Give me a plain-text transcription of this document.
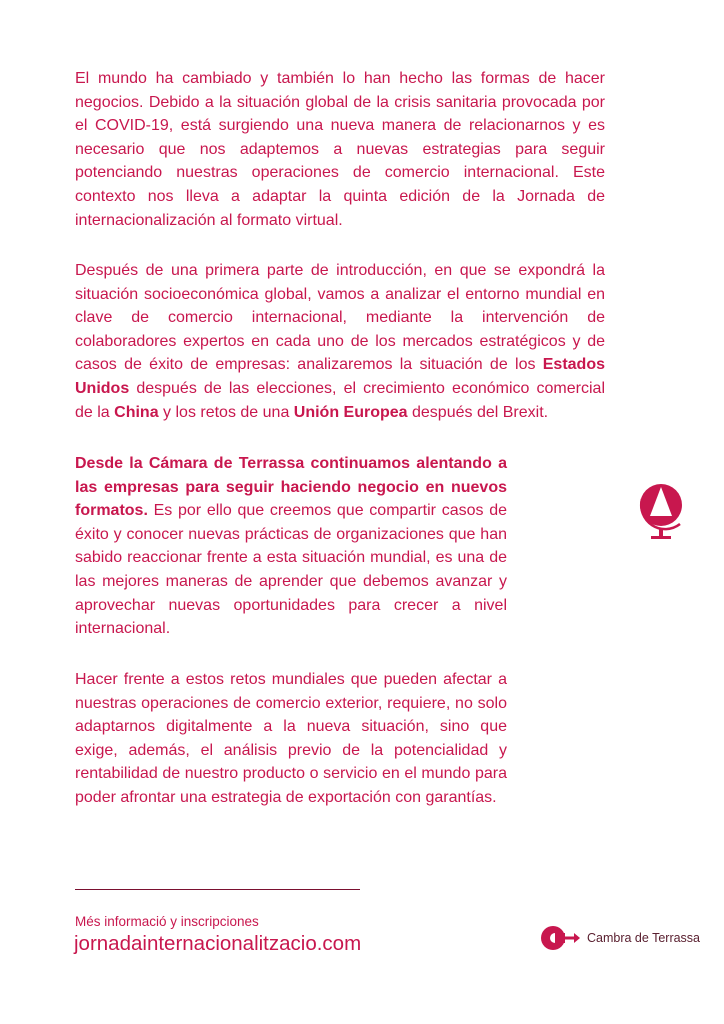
El mundo ha cambiado y también lo han hecho las formas de hacer negocios. Debido a la situación global de la crisis sanitaria provocada por el COVID-19, está surgiendo una nueva manera de relacionarnos y es necesario que nos adaptemos a nuevas estrategias para seguir potenciando nuestras operaciones de comercio internacional. Este contexto nos lleva a adaptar la quinta edición de la Jornada de internacionalización al formato virtual.

Después de una primera parte de introducción, en que se expondrá la situación socioeconómica global, vamos a analizar el entorno mundial en clave de comercio internacional, mediante la intervención de colaboradores expertos en cada uno de los mercados estratégicos y de casos de éxito de empresas: analizaremos la situación de los Estados Unidos después de las elecciones, el crecimiento económico comercial de la China y los retos de una Unión Europea después del Brexit.

Desde la Cámara de Terrassa continuamos alentando a las empresas para seguir haciendo negocio en nuevos formatos. Es por ello que creemos que compartir casos de éxito y conocer nuevas prácticas de organizaciones que han sabido reaccionar frente a esta situación mundial, es una de las mejores maneras de aprender que debemos avanzar y aprovechar nuevas oportunidades para crecer a nivel internacional.

Hacer frente a estos retos mundiales que pueden afectar a nuestras operaciones de comercio exterior, requiere, no solo adaptarnos digitalmente a la nueva situación, sino que exige, además, el análisis previo de la potencialidad y rentabilidad de nuestro producto o servicio en el mundo para poder afrontar una estrategia de exportación con garantías.

Més informació y inscripciones

jornadainternacionalitzacio.com	Cambra de Terrassa
